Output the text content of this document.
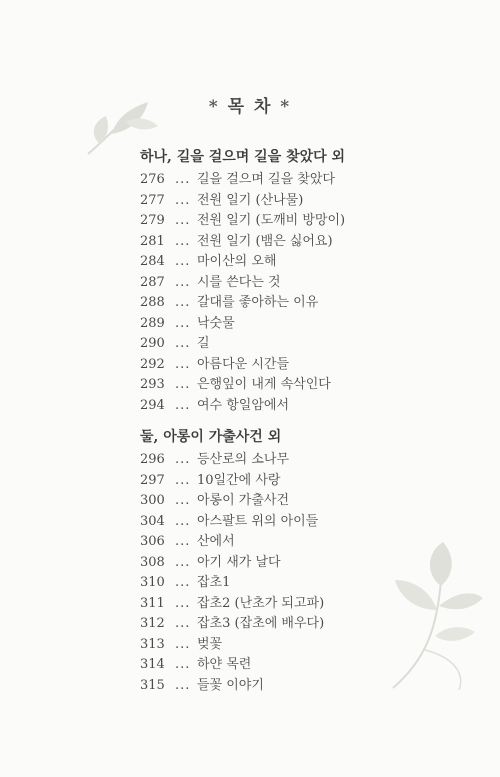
* 목 차 *
하나, 길을 걸으며 길을 찾았다 외
276 ... 길을 걸으며 길을 찾았다
277 ... 전원 일기 (산나물)
279 ... 전원 일기 (도깨비 방망이)
281 ... 전원 일기 (뱀은 싫어요)
284 ... 마이산의 오해
287 ... 시를 쓴다는 것
288 ... 갈대를 좋아하는 이유
289 ... 낙숫물
290 ... 길
292 ... 아름다운 시간들
293 ... 은행잎이 내게 속삭인다
294 ... 여수 항일암에서
둘, 아롱이 가출사건 외
296 ... 등산로의 소나무
297 ... 10일간에 사랑
300 ... 아롱이 가출사건
304 ... 아스팔트 위의 아이들
306 ... 산에서
308 ... 아기 새가 날다
310 ... 잡초1
311 ... 잡초2 (난초가 되고파)
312 ... 잡초3 (잡초에 배우다)
313 ... 벚꽃
314 ... 하얀 목련
315 ... 들꽃 이야기
